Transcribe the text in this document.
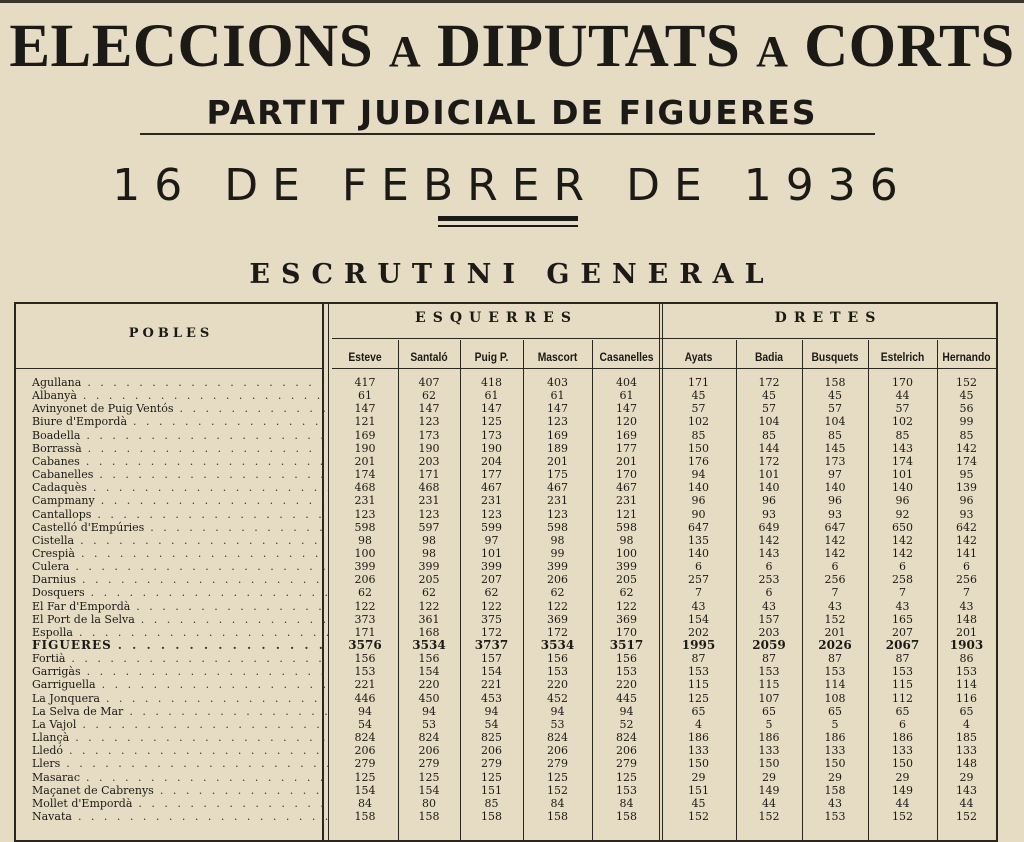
ELECCIONS A DIPUTATS A CORTS
PARTIT JUDICIAL DE FIGUERES
16 DE FEBRER DE 1936
ESCRUTINI GENERAL
POBLES
ESQUERRES	DRETES
Esteve	Santaló	Puig P.	Mascort	Casanelles	Ayats	Badia	Busquets	Estelrich	Hernando
Agullana . . .	417	407	418	403	404	171	172	158	170	152
Albanyà . . .	61	62	61	61	61	45	45	45	44	45
Avinyonet de Puig Ventós . . .	147	147	147	147	147	57	57	57	57	56
Biure d'Empordà . . .	121	123	125	123	120	102	104	104	102	99
Boadella . . .	169	173	173	169	169	85	85	85	85	85
Borrassà . . .	190	190	190	189	177	150	144	145	143	142
Cabanes . . .	201	203	204	201	201	176	172	173	174	174
Cabanelles . . .	174	171	177	175	170	94	101	97	101	95
Cadaquès . . .	468	468	467	467	467	140	140	140	140	139
Campmany . . .	231	231	231	231	231	96	96	96	96	96
Cantallops . . .	123	123	123	123	121	90	93	93	92	93
Castelló d'Empúries . . .	598	597	599	598	598	647	649	647	650	642
Cistella . . .	98	98	97	98	98	135	142	142	142	142
Crespià . . .	100	98	101	99	100	140	143	142	142	141
Culera . . .	399	399	399	399	399	6	6	6	6	6
Darnius . . .	206	205	207	206	205	257	253	256	258	256
Dosquers . . .	62	62	62	62	62	7	6	7	7	7
El Far d'Empordà . . .	122	122	122	122	122	43	43	43	43	43
El Port de la Selva . . .	373	361	375	369	369	154	157	152	165	148
Espolla . . .	171	168	172	172	170	202	203	201	207	201
FIGUERES . . .	3576	3534	3737	3534	3517	1995	2059	2026	2067	1903
Fortià . . .	156	156	157	156	156	87	87	87	87	86
Garrigàs . . .	153	154	154	153	153	153	153	153	153	153
Garriguella . . .	221	220	221	220	220	115	115	114	115	114
La Jonquera . . .	446	450	453	452	445	125	107	108	112	116
La Selva de Mar . . .	94	94	94	94	94	65	65	65	65	65
La Vajol . . .	54	53	54	53	52	4	5	5	6	4
Llançà . . .	824	824	825	824	824	186	186	186	186	185
Lledó . . .	206	206	206	206	206	133	133	133	133	133
Llers . . .	279	279	279	279	279	150	150	150	150	148
Masarac . . .	125	125	125	125	125	29	29	29	29	29
Maçanet de Cabrenys . . .	154	154	151	152	153	151	149	158	149	143
Mollet d'Empordà . . .	84	80	85	84	84	45	44	43	44	44
Navata . . .	158	158	158	158	158	152	152	153	152	152
